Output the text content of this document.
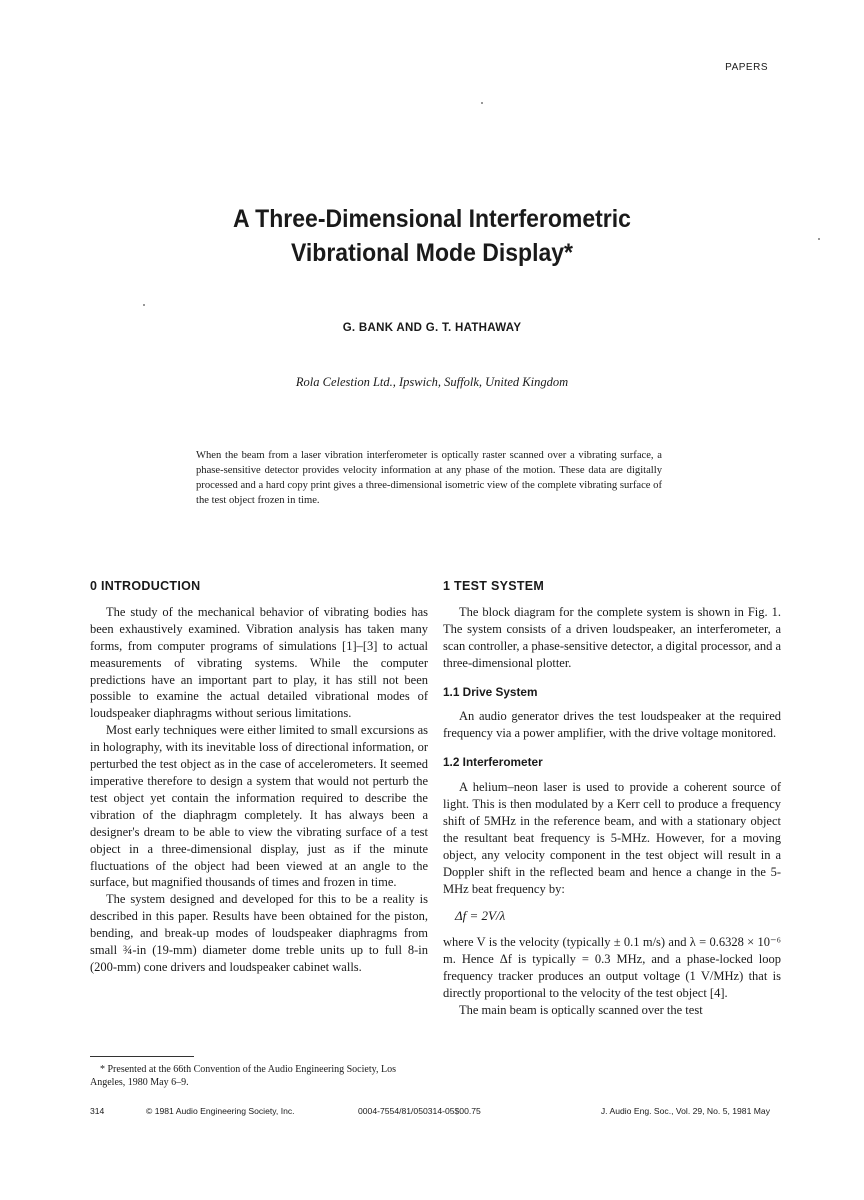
PAPERS
A Three-Dimensional Interferometric
Vibrational Mode Display*
G. BANK AND G. T. HATHAWAY
Rola Celestion Ltd., Ipswich, Suffolk, United Kingdom
When the beam from a laser vibration interferometer is optically raster scanned over a vibrating surface, a phase-sensitive detector provides velocity information at any phase of the motion. These data are digitally processed and a hard copy print gives a three-dimensional isometric view of the complete vibrating surface of the test object frozen in time.
0 INTRODUCTION

The study of the mechanical behavior of vibrating bodies has been exhaustively examined. Vibration analysis has taken many forms, from computer programs of simulations [1]–[3] to actual measurements of vibrating systems. While the computer predictions have an important part to play, it has still not been possible to examine the actual detailed vibrational modes of loudspeaker diaphragms without serious limitations.

Most early techniques were either limited to small excursions as in holography, with its inevitable loss of directional information, or perturbed the test object as in the case of accelerometers. It seemed imperative therefore to design a system that would not perturb the test object yet contain the information required to describe the vibration of the diaphragm completely. It has always been a designer's dream to be able to view the vibrating surface of a test object in a three-dimensional display, just as if the minute fluctuations of the object had been viewed at an angle to the surface, but magnified thousands of times and frozen in time.

The system designed and developed for this to be a reality is described in this paper. Results have been obtained for the piston, bending, and break-up modes of loudspeaker diaphragms from small ¾-in (19-mm) diameter dome treble units up to full 8-in (200-mm) cone drivers and loudspeaker cabinet walls.

1 TEST SYSTEM

The block diagram for the complete system is shown in Fig. 1. The system consists of a driven loudspeaker, an interferometer, a scan controller, a phase-sensitive detector, a digital processor, and a three-dimensional plotter.

1.1 Drive System

An audio generator drives the test loudspeaker at the required frequency via a power amplifier, with the drive voltage monitored.

1.2 Interferometer

A helium–neon laser is used to provide a coherent source of light. This is then modulated by a Kerr cell to produce a frequency shift of 5MHz in the reference beam, and with a stationary object the resultant beat frequency is 5-MHz. However, for a moving object, any velocity component in the test object will result in a Doppler shift in the reflected beam and hence a change in the 5-MHz beat frequency by:

Δf = 2V/λ

where V is the velocity (typically ± 0.1 m/s) and λ = 0.6328 × 10⁻⁶ m. Hence Δf is typically = 0.3 MHz, and a phase-locked loop frequency tracker produces an output voltage (1 V/MHz) that is directly proportional to the velocity of the test object [4].

The main beam is optically scanned over the test

* Presented at the 66th Convention of the Audio Engineering Society, Los Angeles, 1980 May 6–9.
314	© 1981 Audio Engineering Society, Inc.	0004-7554/81/050314-05$00.75	J. Audio Eng. Soc., Vol. 29, No. 5, 1981 May
